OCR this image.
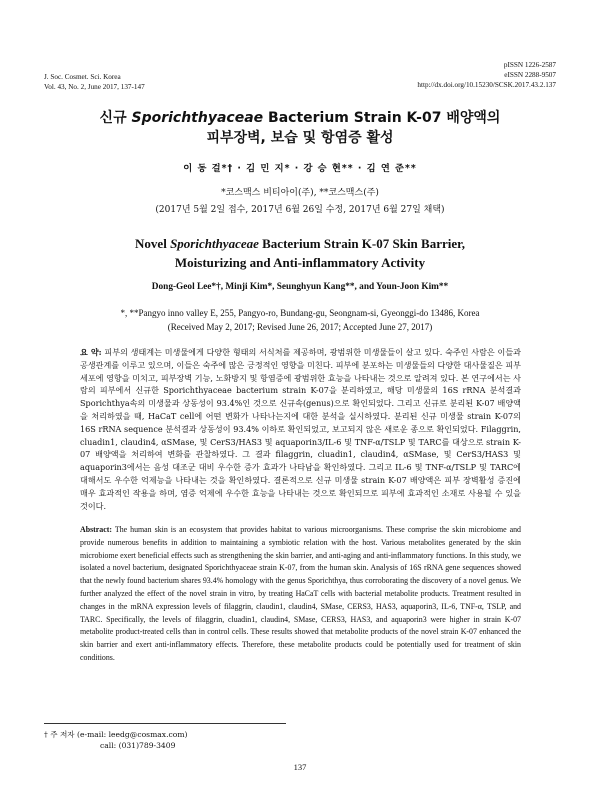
J. Soc. Cosmet. Sci. Korea
Vol. 43, No. 2, June 2017, 137-147
pISSN 1226-2587
eISSN 2288-9507
http://dx.doi.org/10.15230/SCSK.2017.43.2.137
신규 Sporichthyaceae Bacterium Strain K-07 배양액의
피부장벽, 보습 및 항염증 활성
이 동 걸*† · 김 민 지* · 강 승 현** · 김 연 준**
*코스맥스 비티아이(주), **코스맥스(주)
(2017년 5월 2일 접수, 2017년 6월 26일 수정, 2017년 6월 27일 채택)
Novel Sporichthyaceae Bacterium Strain K-07 Skin Barrier,
Moisturizing and Anti-inflammatory Activity
Dong-Geol Lee*†, Minji Kim*, Seunghyun Kang**, and Youn-Joon Kim**
*, **Pangyo inno valley E, 255, Pangyo-ro, Bundang-gu, Seongnam-si, Gyeonggi-do 13486, Korea
(Received May 2, 2017; Revised June 26, 2017; Accepted June 27, 2017)
요 약: 피부의 생태계는 미생물에게 다양한 형태의 서식처를 제공하며, 광범위한 미생물들이 살고 있다. 숙주인 사람은 이들과 공생관계를 이루고 있으며, 이들은 숙주에 많은 긍정적인 영향을 미친다. 피부에 분포하는 미생물들의 다양한 대사물질은 피부세포에 영향을 미치고, 피부장벽 기능, 노화방지 및 항염증에 광범위한 효능을 나타내는 것으로 알려져 있다. 본 연구에서는 사람의 피부에서 신규한 Sporichthyaceae bacterium strain K-07을 분리하였고, 해당 미생물의 16S rRNA 분석결과 Sporichthya속의 미생물과 상동성이 93.4%인 것으로 신규속(genus)으로 확인되었다. 그리고 신규로 분리된 K-07 배양액을 처리하였을 때, HaCaT cell에 어떤 변화가 나타나는지에 대한 분석을 실시하였다. 분리된 신규 미생물 strain K-07의 16S rRNA sequence 분석결과 상동성이 93.4% 이하로 확인되었고, 보고되지 않은 새로운 종으로 확인되었다. Filaggrin, cluadin1, claudin4, αSMase, 및 CerS3/HAS3 및 aquaporin3/IL-6 및 TNF-α/TSLP 및 TARC를 대상으로 strain K-07 배양액을 처리하여 변화를 관찰하였다. 그 결과 filaggrin, cluadin1, claudin4, αSMase, 및 CerS3/HAS3 및 aquaporin3에서는 음성 대조군 대비 우수한 증가 효과가 나타남을 확인하였다. 그리고 IL-6 및 TNF-α/TSLP 및 TARC에 대해서도 우수한 억제능을 나타내는 것을 확인하였다. 결론적으로 신규 미생물 strain K-07 배양액은 피부 장벽활성 증진에 매우 효과적인 작용을 하며, 염증 억제에 우수한 효능을 나타내는 것으로 확인되므로 피부에 효과적인 소재로 사용될 수 있을 것이다.
Abstract: The human skin is an ecosystem that provides habitat to various microorganisms. These comprise the skin microbiome and provide numerous benefits in addition to maintaining a symbiotic relation with the host. Various metabolites generated by the skin microbiome exert beneficial effects such as strengthening the skin barrier, and anti-aging and anti-inflammatory functions. In this study, we isolated a novel bacterium, designated Sporichthyaceae strain K-07, from the human skin. Analysis of 16S rRNA gene sequences showed that the newly found bacterium shares 93.4% homology with the genus Sporichthya, thus corroborating the discovery of a novel genus. We further analyzed the effect of the novel strain in vitro, by treating HaCaT cells with bacterial metabolite products. Treatment resulted in changes in the mRNA expression levels of filaggrin, claudin1, claudin4, SMase, CERS3, HAS3, aquaporin3, IL-6, TNF-α, TSLP, and TARC. Specifically, the levels of filaggrin, cluadin1, claudin4, SMase, CERS3, HAS3, and aquaporin3 were higher in strain K-07 metabolite product-treated cells than in control cells. These results showed that metabolite products of the novel strain K-07 enhanced the skin barrier and exert anti-inflammatory effects. Therefore, these metabolite products could be potentially used for treatment of skin conditions.
† 주 저자 (e-mail: leedg@cosmax.com)
call: (031)789-3409
137
